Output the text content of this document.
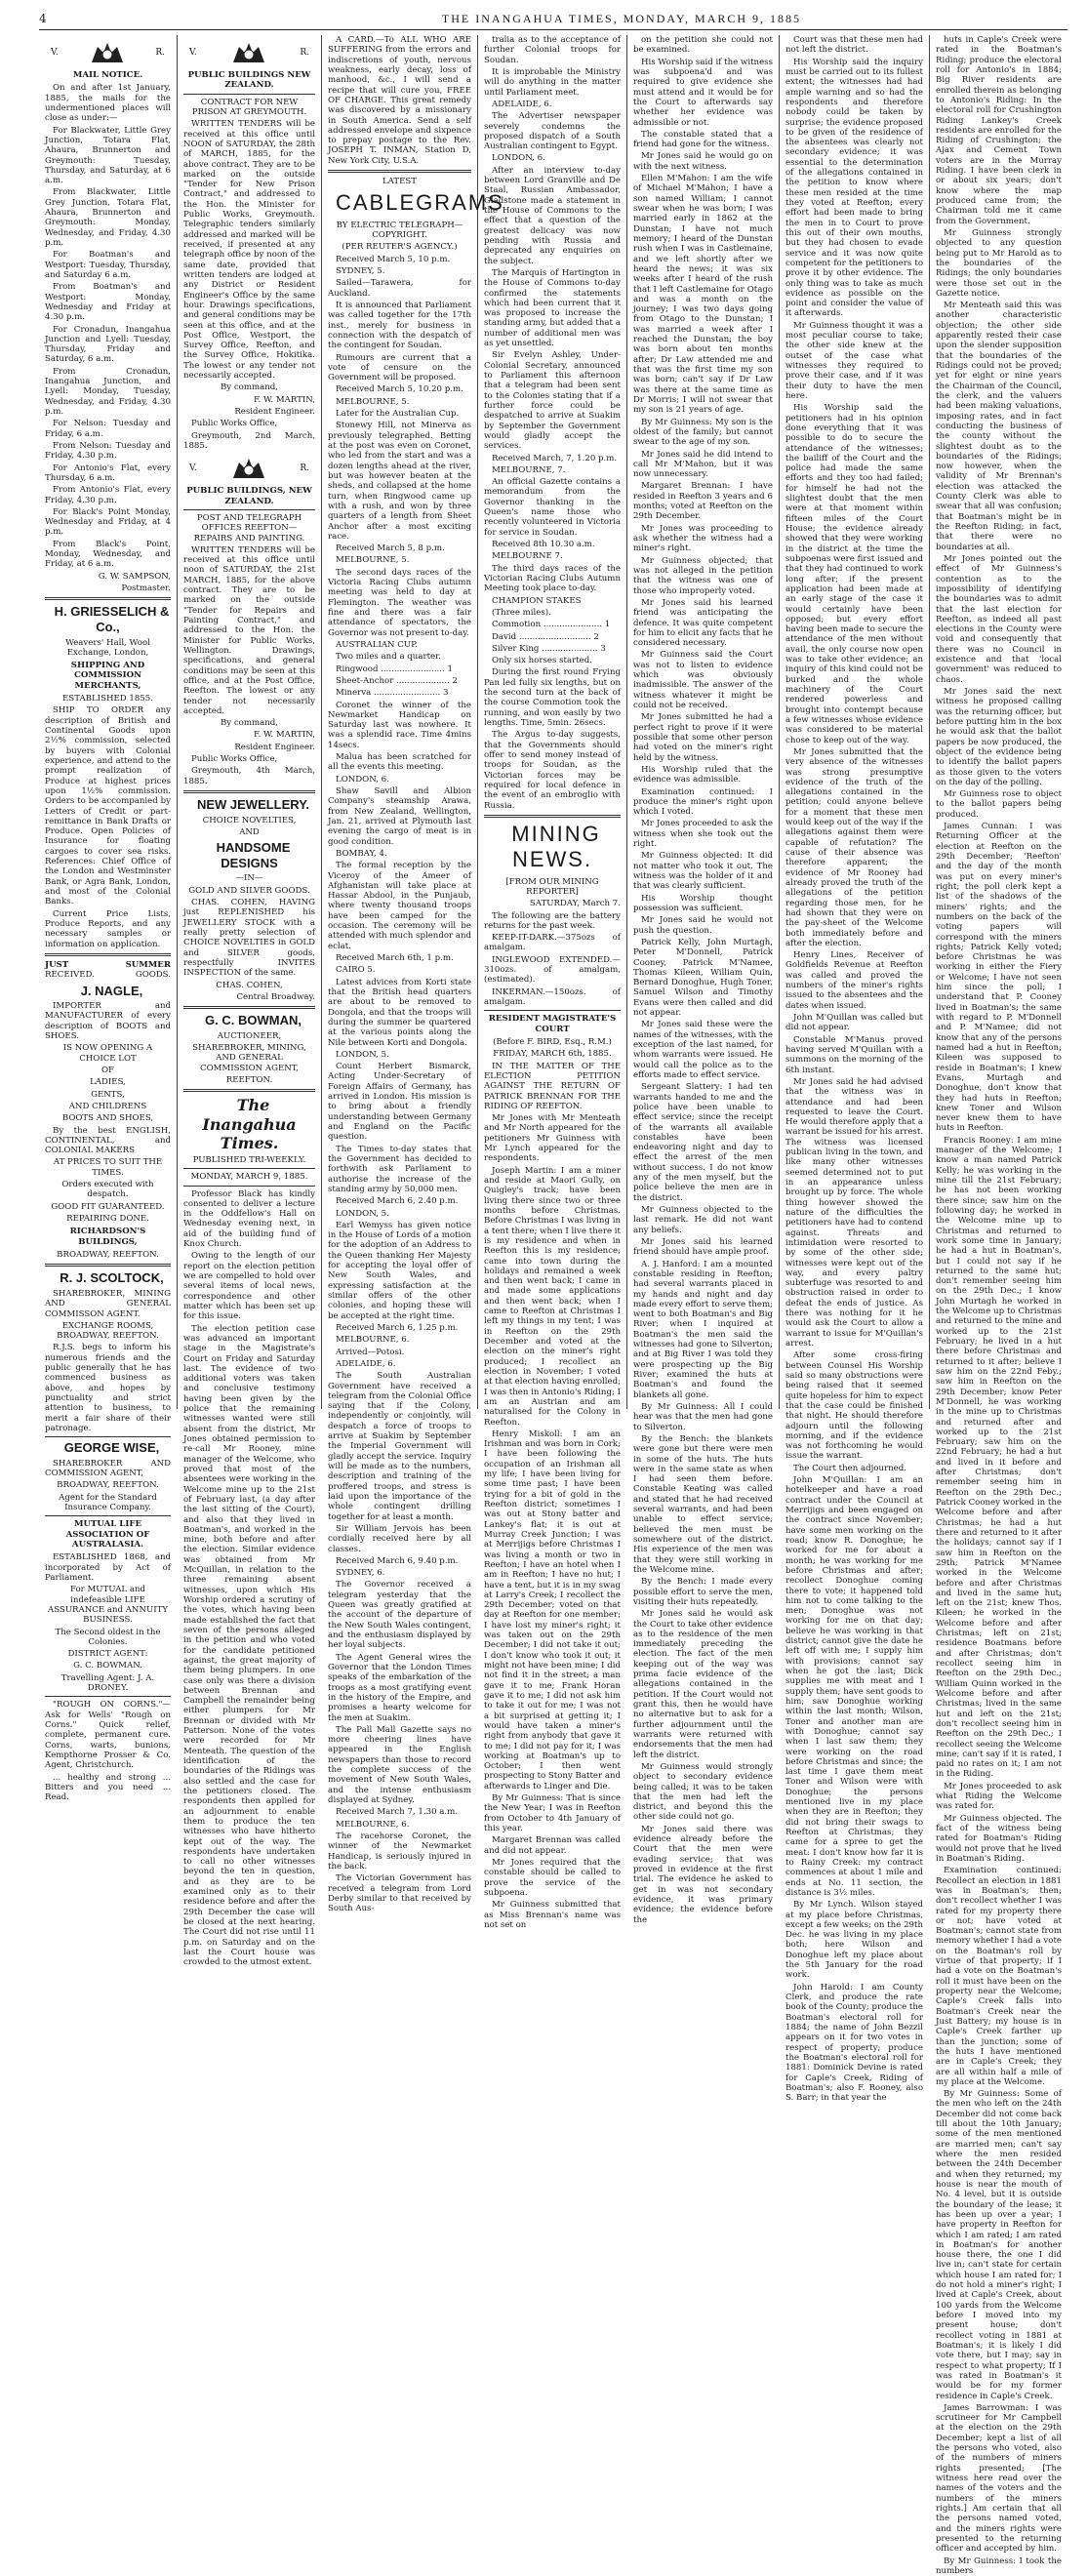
4	THE INANGAHUA TIMES, MONDAY, MARCH 9, 1885
V.	R.

MAIL NOTICE.

On and after 1st January, 1885, the mails for the undermentioned places will close as under:—

For Blackwater, Little Grey Junction, Totara Flat, Ahaura, Brunnerton and Greymouth: Tuesday, Thursday, and Saturday, at 6 a.m.

From Blackwater, Little Grey Junction, Totara Flat, Ahaura, Brunnerton and Greymouth: Monday, Wednesday, and Friday, 4.30 p.m.

For Boatman's and Westport: Tuesday, Thursday, and Saturday 6 a.m.

From Boatman's and Westport: Monday, Wednesday and Friday at 4.30 p.m.

For Cronadun, Inangahua Junction and Lyell: Tuesday, Thursday, Friday and Saturday, 6 a.m.

From Cronadun, Inangahua Junction, and Lyell: Monday, Tuesday, Wednesday, and Friday, 4.30 p.m.

For Nelson: Tuesday and Friday, 6 a.m.

From Nelson: Tuesday and Friday, 4.30 p.m.

For Antonio's Flat, every Thursday, 6 a.m.

From Antonio's Flat, every Friday, 4.30 p.m.

For Black's Point Monday, Wednesday and Friday, at 4 p.m.

From Black's Point, Monday, Wednesday, and Friday, at 6 a.m.

G. W. SAMPSON,

Postmaster.

H. GRIESSELICH & Co.,

Weavers' Hall, Wool Exchange, London,

SHIPPING AND COMMISSION MERCHANTS,

ESTABLISHED 1855.

SHIP TO ORDER any description of British and Continental Goods upon 2½% commission, selected by buyers with Colonial experience, and attend to the prompt realization of Produce at highest prices upon 1½% commission. Orders to be accompanied by Letters of Credit or part-remittance in Bank Drafts or Produce. Open Policies of Insurance for floating cargoes to cover sea risks. References: Chief Office of the London and Westminster Bank, or Agra Bank, London, and most of the Colonial Banks.

Current Price Lists, Produce Reports, and any necessary samples or information on application.

JUST	SUMMER
RECEIVED.	GOODS.

J. NAGLE,

IMPORTER and MANUFACTURER of every description of BOOTS and SHOES.

IS NOW OPENING A CHOICE LOT

OF

LADIES,

GENTS,

AND CHILDRENS

BOOTS AND SHOES,

By the best ENGLISH, CONTINENTAL, and COLONIAL MAKERS

AT PRICES TO SUIT THE TIMES.

Orders executed with despatch.

GOOD FIT GUARANTEED.

REPAIRING DONE.

RICHARDSON'S BUILDINGS,

BROADWAY, REEFTON.

R. J. SCOLTOCK,

SHAREBROKER, MINING AND GENERAL COMMISSON AGENT.

EXCHANGE ROOMS, BROADWAY, REEFTON.

R.J.S. begs to inform his numerous friends and the public generally that he has commenced business as above, and hopes by punctuality and strict attention to business, to merit a fair share of their patronage.

GEORGE WISE,

SHAREBROKER AND COMMISSION AGENT,

BROADWAY, REEFTON.

Agent for the Standard Insurance Company.

MUTUAL LIFE ASSOCIATION OF AUSTRALASIA.

ESTABLISHED 1868, and incorporated by Act of Parliament.

For MUTUAL and indefeasible LIFE ASSURANCE and ANNUITY BUSINESS.

The Second oldest in the Colonies.

DISTRICT AGENT:

G. C. BOWMAN.

Travelling Agent: J. A. DRONEY.

"ROUGH ON CORNS."—Ask for Wells' "Rough on Corns." Quick relief, complete, permanent cure. Corns, warts, bunions. Kempthorne Prosser & Co. Agent, Christchurch.

... healthy and strong ... Bitters and you need ... Read.

V.	R.

PUBLIC BUILDINGS NEW ZEALAND.

CONTRACT FOR NEW PRISON AT GREYMOUTH.

WRITTEN TENDERS will be received at this office until NOON of SATURDAY, the 28th of MARCH, 1885, for the above contract. They are to be marked on the outside "Tender for New Prison Contract," and addressed to the Hon. the Minister for Public Works, Greymouth. Telegraphic tenders similarly addressed and marked will be received, if presented at any telegraph office by noon of the same date, provided that written tenders are lodged at any District or Resident Engineer's Office by the same hour. Drawings specifications, and general conditions may be seen at this office, and at the Post Office, Westport, the Survey Office, Reefton, and the Survey Office, Hokitika. The lowest or any tender not necessarily accepted.

By command,

F. W. MARTIN,

Resident Engineer.

Public Works Office,

Greymouth, 2nd March, 1885.

V.	R.

PUBLIC BUILDINGS, NEW ZEALAND.

POST AND TELEGRAPH OFFICES REEFTON—REPAIRS AND PAINTING.

WRITTEN TENDERS will be received at this office until noon of SATURDAY, the 21st MARCH, 1885, for the above contract. They are to be marked on the outside "Tender for Repairs and Painting Contract," and addressed to the Hon. the Minister for Public Works, Wellington. Drawings, specifications, and general conditions may be seen at this office, and at the Post Office, Reefton. The lowest or any tender not necessarily accepted.

By command,

F. W. MARTIN,

Resident Engineer.

Public Works Office,

Greymouth, 4th March, 1885.

NEW JEWELLERY.

CHOICE NOVELTIES,

AND

HANDSOME DESIGNS

—IN—

GOLD AND SILVER GOODS.

CHAS. COHEN, HAVING just REPLENISHED his JEWELLERY STOCK with a really pretty selection of CHOICE NOVELTIES in GOLD and SILVER goods, respectfully INVITES INSPECTION of the same.

CHAS. COHEN,

Central Broadway.

G. C. BOWMAN,

AUCTIONEER,

SHAREBROKER, MINING, AND GENERAL COMMISSION AGENT,

REEFTON.

The Inangahua Times.

PUBLISHED TRI-WEEKLY.

MONDAY, MARCH 9, 1885.

Professor Black has kindly consented to deliver a lecture in the Oddfellow's Hall on Wednesday evening next, in aid of the building fund of Knox Church.

Owing to the length of our report on the election petition we are compelled to hold over several items of local news, correspondence and other matter which has been set up for this issue.

The election petition case was advanced an important stage in the Magistrate's Court on Friday and Saturday last. The evidence of two additional voters was taken and conclusive testimony having been given by the police that the remaining witnesses wanted were still absent from the district, Mr Jones obtained permission to re-call Mr Rooney, mine manager of the Welcome, who proved that most of the absentees were working in the Welcome mine up to the 21st of February last, (a day after the last sitting of the Court), and also that they lived in Boatman's, and worked in the mine, both before and after the election. Similar evidence was obtained from Mr McQuillan, in relation to the three remaining absent witnesses, upon which His Worship ordered a scrutiny of the votes, which having been made established the fact that seven of the persons alleged in the petition and who voted for the candidate petitioned against, the great majority of them being plumpers. In one case only was there a division between Brennan and Campbell the remainder being either plumpers for Mr Brennan or divided with Mr Patterson. None of the votes were recorded for Mr Menteath. The question of the identification of the boundaries of the Ridings was also settled and the case for the petitioners closed. The respondents then applied for an adjournment to enable them to produce the ten witnesses who have hitherto kept out of the way. The respondents have undertaken to call no other witnesses beyond the ten in question, and as they are to be examined only as to their residence before and after the 29th December the case will be closed at the next hearing. The Court did not rise until 11 p.m. on Saturday and on the last the Court house was crowded to the utmost extent.

A CARD.—To ALL WHO ARE SUFFERING from the errors and indiscretions of youth, nervous weakness, early decay, loss of manhood, &c., I will send a recipe that will cure you, FREE OF CHARGE. This great remedy was discovered by a missionary in South America. Send a self addressed envelope and sixpence to prepay postage to the Rev. JOSEPH T. INMAN, Station D, New York City, U.S.A.

LATEST

CABLEGRAMS

BY ELECTRIC TELEGRAPH—COPYRIGHT.

(PER REUTER'S AGENCY.)

Received March 5, 10 p.m.

SYDNEY, 5.

Sailed—Tarawera, for Auckland.

It is announced that Parliament was called together for the 17th inst., merely for business in connection with the despatch of the contingent for Soudan.

Rumours are current that a vote of censure on the Government will be proposed.

Received March 5, 10.20 p.m.

MELBOURNE, 5.

Later for the Australian Cup.

Stonewy Hill, not Minerva as previously telegraphed. Betting at the post was even on Coronet, who led from the start and was a dozen lengths ahead at the river, but was however beaten at the sheds, and collapsed at the home turn, when Ringwood came up with a rush, and won by three quarters of a length from Sheet Anchor after a most exciting race.

Received March 5, 8 p.m.

MELBOURNE, 5.

The second days races of the Victoria Racing Clubs autumn meeting was held to day at Flemington. The weather was fine and there was a fair attendance of spectators, the Governor was not present to-day.

AUSTRALIAN CUP.

Two miles and a quarter.

Ringwood ........................ 1

Sheet-Anchor .................... 2

Minerva ......................... 3

Coronet the winner of the Newmarket Handicap on Saturday last was nowhere. It was a splendid race. Time 4mins 14secs.

Malua has been scratched for all the events this meeting.

LONDON, 6.

Shaw Savill and Albion Company's steamship Arawa, from New Zealand, Wellington, Jan. 21, arrived at Plymouth last evening the cargo of meat is in good condition.

BOMBAY, 4.

The formal reception by the Viceroy of the Ameer of Afghanistan will take place at Hassar Abdool, in the Punjaub, where twenty thousand troops have been camped for the occasion. The ceremony will be attended with much splendor and eclat.

Received March 6th, 1 p.m.

CAIRO 5.

Latest advices from Korti state that the British head quarters are about to be removed to Dongola, and that the troops will during the summer be quartered at the various points along the Nile between Korti and Dongola.

LONDON, 5.

Count Herbert Bismarck, Acting Under-Secretary of Foreign Affairs of Germany, has arrived in London. His mission is to bring about a friendly understanding between Germany and England on the Pacific question.

The Times to-day states that the Government has decided to forthwith ask Parliament to authorise the increase of the standing army by 50,000 men.

Received March 6, 2.40 p.m.

LONDON, 5.

Earl Wemyss has given notice in the House of Lords of a motion for the adoption of an Address to the Queen thanking Her Majesty for accepting the loyal offer of New South Wales, and expressing satisfaction at the similar offers of the other colonies, and hoping these will be accepted at the right time.

Received March 6, 1.25 p.m.

MELBOURNE, 6.

Arrived—Potosi.

ADELAIDE, 6.

The South Australian Government have received a telegram from the Colonial Office saying that if the Colony, independently or conjointly, will despatch a force of troops to arrive at Suakim by September the Imperial Government will gladly accept the service. Inquiry will be made as to the numbers, description and training of the proffered troops, and stress is laid upon the importance of the whole contingent drilling together for at least a month.

Sir William Jervois has been cordially received here by all classes.

Received March 6, 9.40 p.m.

SYDNEY, 6.

The Governor received a telegram yesterday that the Queen was greatly gratified at the account of the departure of the New South Wales contingent, and the enthusiasm displayed by her loyal subjects.

The Agent General wires the Governor that the London Times speaks of the embarkation of the troops as a most gratifying event in the history of the Empire, and promises a hearty welcome for the men at Suakim.

The Pall Mall Gazette says no more cheering lines have appeared in the English newspapers than those to record the complete success of the movement of New South Wales, and the intense enthusiasm displayed at Sydney.

Received March 7, 1.30 a.m.

MELBOURNE, 6.

The racehorse Coronet, the winner of the Newmarket Handicap, is seriously injured in the back.

The Victorian Government has received a telegram from Lord Derby similar to that received by South Aus-

tralia as to the acceptance of further Colonial troops for Soudan.

It is improbable the Ministry will do anything in the matter until Parliament meet.

ADELAIDE, 6.

The Advertiser newspaper severely condemns the proposed dispatch of a South Australian contingent to Egypt.

LONDON, 6.

After an interview to-day between Lord Granville and De Staal, Russian Ambassador, Gladstone made a statement in the House of Commons to the effect that a question of the greatest delicacy was now pending with Russia and deprecated any enquiries on the subject.

The Marquis of Hartington in the House of Commons to-day confirmed the statements which had been current that it was proposed to increase the standing army, but added that a number of additional men was as yet unsettled.

Sir Evelyn Ashley, Under-Colonial Secretary, announced to Parliament this afternoon that a telegram had been sent to the Colonies stating that if a further force could be despatched to arrive at Suakim by September the Government would gladly accept the services.

Received March, 7, 1.20 p.m.

MELBOURNE, 7.

An official Gazette contains a memorandum from the Governor thanking in the Queen's name those who recently volunteered in Victoria for service in Soudan.

Received 8th 10.30 a.m.

MELBOURNE 7.

The third days races of the Victorian Racing Clubs Autumn Meeting took place to-day.

CHAMPION STAKES

(Three miles).

Commotion ...................... 1

David ........................... 2

Silver King ..................... 3

Only six horses started.

During the first round Frying Pan led fully six lengths, but on the second turn at the back of the course Commotion took the running, and won easily by two lengths. Time, 5min. 26secs.

The Argus to-day suggests, that the Governments should offer to send money instead of troops for Soudan, as the Victorian forces may be required for local defence in the event of an embroglio with Russia.

MINING NEWS.

[FROM OUR MINING REPORTER]

SATURDAY, March 7.

The following are the battery returns for the past week.

KEEP-IT-DARK.—375ozs of amalgam.

INGLEWOOD EXTENDED.—310ozs. of amalgam, (estimated).

INKERMAN.—150ozs. of amalgam.

RESIDENT MAGISTRATE'S COURT

(Before F. BIRD, Esq., R.M.)

FRIDAY, MARCH 6th, 1885.

IN THE MATTER OF THE ELECTION PETITION AGAINST THE RETURN OF PATRICK BRENNAN FOR THE RIDING OF REEFTON.

Mr Jones with Mr Menteath and Mr North appeared for the petitioners Mr Guinness with Mr Lynch appeared for the respondents.

Joseph Martin: I am a miner and reside at Maori Gully, on Quigley's track; have been living there since two or three months before Christmas. Before Christmas I was living in a tent there; when I live there it is my residence and when in Reefton this is my residence; came into town during the holidays and remained a week and then went back; I came in and made some applications and then went back; when I came to Reefton at Christmas I left my things in my tent; I was in Reefton on the 29th December and voted at the election on the miner's right produced; I recollect an election in November; I voted at that election having enrolled; I was then in Antonio's Riding; I am an Austrian and am naturalised for the Colony in Reefton.

Henry Miskoll: I am an Irishman and was born in Cork; I have been following the occupation of an Irishman all my life; I have been living for some time past; I have been trying for a bit of gold in the Reefton district; sometimes I was out at Stony batter and Lankey's flat; it is out at Murray Creek Junction; I was at Merrijigs before Christmas I was living a month or two in Reefton; I have an hotel when I am in Reefton; I have no hut; I have a tent, but it is in my swag at Larry's Creek; I recollect the 29th December; voted on that day at Reefton for one member; I have lost my miner's right; it was taken out on the 29th December; I did not take it out; I don't know who took it out; it might not have been mine; I did not find it in the street; a man gave it to me; Frank Horan gave it to me; I did not ask him to take it out for me; I was not a bit surprised at getting it; I would have taken a miner's right from anybody that gave it to me; I did not pay for it; I was working at Boatman's up to October; I then went prospecting to Stony Batter and afterwards to Linger and Die.

By Mr Guinness: That is since the New Year; I was in Reefton from October to 4th January of this year.

Margaret Brennan was called and did not appear.

Mr Jones required that the constable should be called to prove the service of the subpoena.

Mr Guinness submitted that as Miss Brennan's name was not set on

on the petition she could not be examined.

His Worship said if the witness was subpoena'd and was required to give evidence she must attend and it would be for the Court to afterwards say whether her evidence was admissible or not.

The constable stated that a friend had gone for the witness.

Mr Jones said he would go on with the next witness.

Ellen M'Mahon: I am the wife of Michael M'Mahon; I have a son named William; I cannot swear when he was born; I was married early in 1862 at the Dunstan; I have not much memory; I heard of the Dunstan rush when I was in Castlemaine, and we left shortly after we heard the news; it was six weeks after I heard of the rush that I left Castlemaine for Otago and was a month on the journey; I was two days going from Otago to the Dunstan; I was married a week after I reached the Dunstan; the boy was born about ten months after; Dr Law attended me and that was the first time my son was born; can't say if Dr Law was there at the same time as Dr Morris; I will not swear that my son is 21 years of age.

By Mr Guinness: My son is the oldest of the family; but cannot swear to the age of my son.

Mr Jones said he did intend to call Mr M'Mahon, but it was now unnecessary.

Margaret Brennan: I have resided in Reefton 3 years and 6 months; voted at Reefton on the 29th December.

Mr Jones was proceeding to ask whether the witness had a miner's right.

Mr Guinness objected; that was not alleged in the petition that the witness was one of those who improperly voted.

Mr Jones said his learned friend was anticipating the defence. It was quite competent for him to elicit any facts that he considered necessary.

Mr Guinness said the Court was not to listen to evidence which was obviously inadmissible. The answer of the witness whatever it might be could not be received.

Mr Jones submitted he had a perfect right to prove if it were possible that some other person had voted on the miner's right held by the witness.

His Worship ruled that the evidence was admissible.

Examination continued: I produce the miner's right upon which I voted.

Mr Jones proceeded to ask the witness when she took out the right.

Mr Guinness objected: It did not matter who took it out. The witness was the holder of it and that was clearly sufficient.

His Worship thought possession was sufficient.

Mr Jones said he would not push the question.

Patrick Kelly, John Murtagh, Peter M'Donnell, Patrick Cooney, Patrick M'Namee, Thomas Kileen, William Quin, Bernard Donoghue, Hugh Toner, Samuel Wilson and Timothy Evans were then called and did not appear.

Mr Jones said these were the names of the witnesses, with the exception of the last named, for whom warrants were issued. He would call the police as to the efforts made to effect service.

Sergeant Slattery: I had ten warrants handed to me and the police have been unable to effect service; since the receipt of the warrants all available constables have been endeavoring night and day to effect the arrest of the men without success. I do not know any of the men myself, but the police believe the men are in the district.

Mr Guinness objected to the last remark. He did not want any beliefs.

Mr Jones said his learned friend should have ample proof.

A. J. Hanford: I am a mounted constable residing in Reefton; had several warrants placed in my hands and night and day made every effort to serve them; went to both Boatman's and Big River; when I inquired at Boatman's the men said the witnesses had gone to Silverton; and at Big River I was told they were prospecting up the Big River; examined the huts at Boatman's and found the blankets all gone.

By Mr Guinness: All I could hear was that the men had gone to Silverton.

By the Bench: the blankets were gone but there were men in some of the huts. The huts were in the same state as when I had seen them before. Constable Keating was called and stated that he had received several warrants, and had been unable to effect service; believed the men must be somewhere out of the district. His experience of the men was that they were still working in the Welcome mine.

By the Bench: I made every possible effort to serve the men, visiting their huts repeatedly.

Mr Jones said he would ask the Court to take other evidence as to the residence of the men immediately preceding the election. The fact of the men keeping out of the way was prima facie evidence of the allegations contained in the petition. If the Court would not grant this, then he would have no alternative but to ask for a further adjournment until the warrants were returned with endorsements that the men had left the district.

Mr Guinness would strongly object to secondary evidence being called; it was to be taken that the men had left the district, and beyond this the other side could not go.

Mr Jones said there was evidence already before the Court that the men were evading service; that was proved in evidence at the first trial. The evidence he asked to get in was not secondary evidence, it was primary evidence; the evidence before the

Court was that these men had not left the district.

His Worship said the inquiry must be carried out to its fullest extent; the witnesses had had ample warning and so had the respondents and therefore nobody could be taken by surprise; the evidence proposed to be given of the residence of the absentees was clearly not secondary evidence; it was essential to the determination of the allegations contained in the petition to know where these men resided at the time they voted at Reefton; every effort had been made to bring the men in to Court to prove this out of their own mouths, but they had chosen to evade service and it was now quite competent for the petitioners to prove it by other evidence. The only thing was to take as much evidence as possible on the point and consider the value of it afterwards.

Mr Guinness thought it was a most peculiar course to take; the other side knew at the outset of the case what witnesses they required to prove their case, and if it was their duty to have the men here.

His Worship said the petitioners had in his opinion done everything that it was possible to do to secure the attendance of the witnesses; the bailiff of the Court and the police had made the same efforts and they too had failed; for himself he had not the slightest doubt that the men were at that moment within fifteen miles of the Court House; the evidence already showed that they were working in the district at the time the subpoenas were first issued and that they had continued to work long after; if the present application had been made at an early stage of the case it would certainly have been opposed; but every effort having been made to secure the attendance of the men without avail, the only course now open was to take other evidence; an inquiry of this kind could not be burked and the whole machinery of the Court rendered powerless and brought into contempt because a few witnesses whose evidence was considered to be material chose to keep out of the way.

Mr Jones submitted that the very absence of the witnesses was strong presumptive evidence of the truth of the allegations contained in the petition; could anyone believe for a moment that these men would keep out of the way if the allegations against them were capable of refutation? The cause of their absence was therefore apparent; the evidence of Mr Rooney had already proved the truth of the allegations of the petition regarding those men, for he had shown that they were on the pay-sheet of the Welcome both immediately before and after the election.

Henry Lines, Receiver of Goldfields Revenue at Reefton was called and proved the numbers of the miner's rights issued to the absentees and the dates when issued.

John M'Quillan was called but did not appear.

Constable M'Manus proved having served M'Quillan with a summons on the morning of the 6th instant.

Mr Jones said he had advised that the witness was in attendance and had been requested to leave the Court. He would therefore apply that a warrant be issued for his arrest. The witness was licensed publican living in the town, and like many other witnesses seemed determined not to put in an appearance unless brought up by force. The whole thing however showed the nature of the difficulties the petitioners have had to contend against. Threats and intimidation were resorted to by some of the other side; witnesses were kept out of the way, and every paltry subterfuge was resorted to and obstruction raised in order to defeat the ends of justice. As there was nothing for it he would ask the Court to allow a warrant to issue for M'Quillan's arrest.

After some cross-firing between Counsel His Worship said so many obstructions were being raised that it seemed quite hopeless for him to expect that the case could be finished that night. He should therefore adjourn until the following morning, and if the evidence was not forthcoming he would issue the warrant.

The Court then adjourned.

John M'Quillan: I am an hotelkeeper and have a road contract under the Council at Merrijigs and been engaged on the contract since November; have some men working on the road; know R. Donoghue; he worked for me for about a month; he was working for me before Christmas and after; recollect Donoghue coming there to vote; it happened told him not to come talking to the men; Donoghue was not working for me on that day; believe he was working in that district; cannot give the date he left off with me; I supply him with provisions; cannot say when he got the last; Dick supplies me with meat and I supply them; have sent goods to him; saw Donoghue working within the last month; Wilson, Toner and another man are with Donoghue; cannot say when I last saw them; they were working on the road before Christmas and since; the last time I gave them meat Toner and Wilson were with Donoghue; the persons mentioned live in my place when they are in Reefton; they did not bring their swags to Reefton at Christmas; they came for a spree to get the meat: I don't know how far it is to Rainy Creek: my contract commences at about 1 mile and ends at No. 11 section, the distance is 3½ miles.

By Mr Lynch. Wilson stayed at my place before Christmas, except a few weeks; on the 29th Dec. he was living in my place both; here Wilson and Donoghue left my place about the 5th January for the road work.

John Harold: I am County Clerk, and produce the rate book of the County; produce the Boatman's electoral roll for 1884; the name of John Bezzil appears on it for two votes in respect of property; produce the Boatman's electoral roll for 1881: Dominick Devine is rated for Caple's Creek, Riding of Boatman's; also F. Rooney, also S. Barr; in that year the

huts in Caple's Creek were rated in the Boatman's Riding; produce the electoral roll for Antonio's in 1884; Big River residents are enrolled therein as belonging to Antonio's Riding: In the electoral roll for Crushington Riding Lankey's Creek residents are enrolled for the Riding of Crushington; the Ajax and Cement Town voters are in the Murray Riding. I have been clerk in or about six years; don't know where the map produced came from; the Chairman told me it came from the Government.

Mr Guinness strongly objected to any question being put to Mr Harold as to the boundaries of the Ridings; the only boundaries were those set out in the Gazette notice.

Mr Menteath said this was another characteristic objection; the other side apparently rested their case upon the slender supposition that the boundaries of the Ridings could not be proved; yet for eight or nine years the Chairman of the Council, the clerk, and the valuers had been making valuations, imposing rates, and in fact conducting the business of the county without the slightest doubt as to the boundaries of the Ridings; now however, when the validity of Mr Brennan's election was attacked the County Clerk was able to swear that all was confusion; that Boatman's might be in the Reefton Riding; in fact, that there were no boundaries at all.

Mr Jones pointed out the effect of Mr Guinness's contention as to the impossibility of identifying the boundaries was to admit that the last election for Reefton, as indeed all past elections in the County were void and consequently that there was no Council in existence and that 'local government' was reduced to chaos.

Mr Jones said the next witness he proposed calling was the returning officer, but before putting him in the box he would ask that the ballot papers be now produced, the object of the evidence being to identify the ballot papers as those given to the voters on the day of the polling.

Mr Guinness rose to object to the ballot papers being produced.

James Cunnan: I was Returning Officer at the election at Reefton on the 29th December; 'Reefton' and the day of the month was put on every miner's right; the poll clerk kept a list of the shadows of the miners' rights; and the numbers on the back of the voting papers will correspond with the miners rights; Patrick Kelly voted; before Christmas he was working in either the Fiery or Welcome; I have not seen him since the poll; I understand that P. Cooney lived in Boatman's; the same with regard to P. M'Donnell and P. M'Namee; did not know that any of the persons named had a hut in Reefton; Kileen was supposed to reside in Boatman's; I knew Evans, Murtagh and Donoghue, don't know that they had huts in Reefton; knew Toner and Wilson never knew them to have huts in Reefton.

Francis Rooney: I am mine manager of the Welcome; I know a man named Patrick Kelly; he was working in the mine till the 21st February; he has not been working there since; saw him on the following day; he worked in the Welcome mine up to Christmas and returned to work some time in January; he had a hut in Boatman's, but I could not say if he returned to the same hut; don't remember seeing him on the 29th Dec.; I know John Murtagh he worked in the Welcome up to Christmas and returned to the mine and worked up to the 21st February; he lived in a hut there before Christmas and returned to it after; believe I saw him on the 22nd Feby.; saw him in Reefton on the 29th December; know Peter M'Donnell, he was working in the mine up to Christmas and returned after and worked up to the 21st February; saw him on the 22nd February; he had a hut and lived in it before and after Christmas; don't remember seeing him in Reefton on the 29th Dec.; Patrick Cooney worked in the Welcome before and after Christmas; he had a hut there and returned to it after the holidays; cannot say if I saw him in Reefton on the 29th; Patrick M'Namee worked in the Welcome before and after Christmas and lived in the same hut; left on the 21st; knew Thos. Kileen; he worked in the Welcome before and after Christmas; left on 21st; residence Boatmans before and after Christmas; don't recollect seeing him in Reefton on the 29th Dec.; William Quinn worked in the Welcome before and after Christmas; lived in the same hut and left on the 21st; don't recollect seeing him in Reefton on the 29th Dec.; I recollect seeing the Welcome mine; can't say if it is rated, I paid no rates on it; I am not in the Riding.

Mr Jones proceeded to ask what Riding the Welcome was rated for.

Mr Guinness objected. The fact of the witness being rated for Boatman's Riding would not prove that he lived in Boatman's Riding.

Examination continued: Recollect an election in 1881 was in Boatman's; then; don't recollect whether I was rated for my property there or not; have voted at Boatman's; cannot state from memory whether I had a vote on the Boatman's roll by virtue of that property; if I had a vote on the Boatman's roll it must have been on the property near the Welcome; Caple's Creek falls into Boatman's Creek near the Just Battery; my house is in Caple's Creek farther up than the junction; some of the huts I have mentioned are in Caple's Creek; they are all within half a mile of my place at the Welcome.

By Mr Guinness: Some of the men who left on the 24th December did not come back till about the 10th January; some of the men mentioned are married men; can't say where the men resided between the 24th December and when they returned; my house is near the mouth of No. 4 level, but it is outside the boundary of the lease; it has been up over a year; I have property in Reefton for which I am rated; I am rated in Boatman's for another house there, the one I did live in; can't state for certain which house I am rated for; I do not hold a miner's right; I lived at Caple's Creek, about 100 yards from the Welcome before I moved into my present house; don't recollect voting in 1881 at Boatman's; it is likely I did vote there, but I may; say in respect to what property; If I was rated in Boatman's it would be for my former residence in Caple's Creek.

James Barrowman: I was scrutineer for Mr Campbell at the election on the 29th December; kept a list of all the persons who voted, also of the numbers of miners rights presented; [The witness here read over the names of the voters and the numbers of the miners rights.] Am certain that all the persons named voted, and the miners rights were presented to the returning officer and accepted by him.

By Mr Guinness: I took the numbers
